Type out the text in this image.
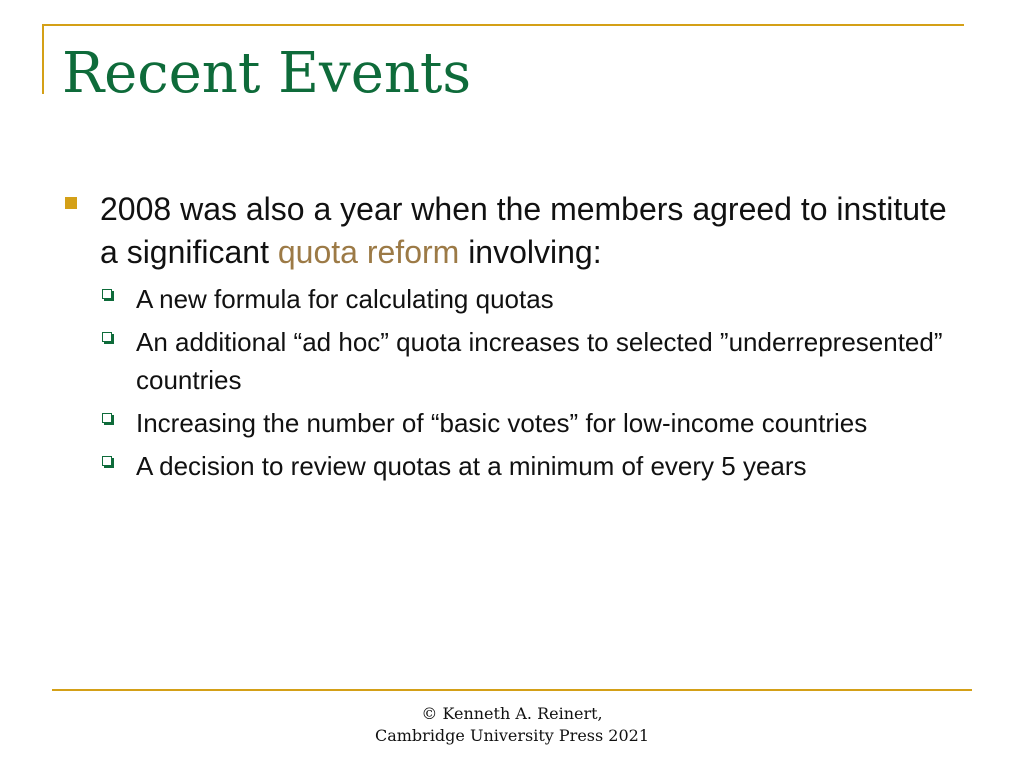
Recent Events

2008 was also a year when the members agreed to institute a significant quota reform involving:

A new formula for calculating quotas
An additional “ad hoc” quota increases to selected ”underrepresented” countries
Increasing the number of “basic votes” for low-income countries
A decision to review quotas at a minimum of every 5 years
© Kenneth A. Reinert,
Cambridge University Press 2021
